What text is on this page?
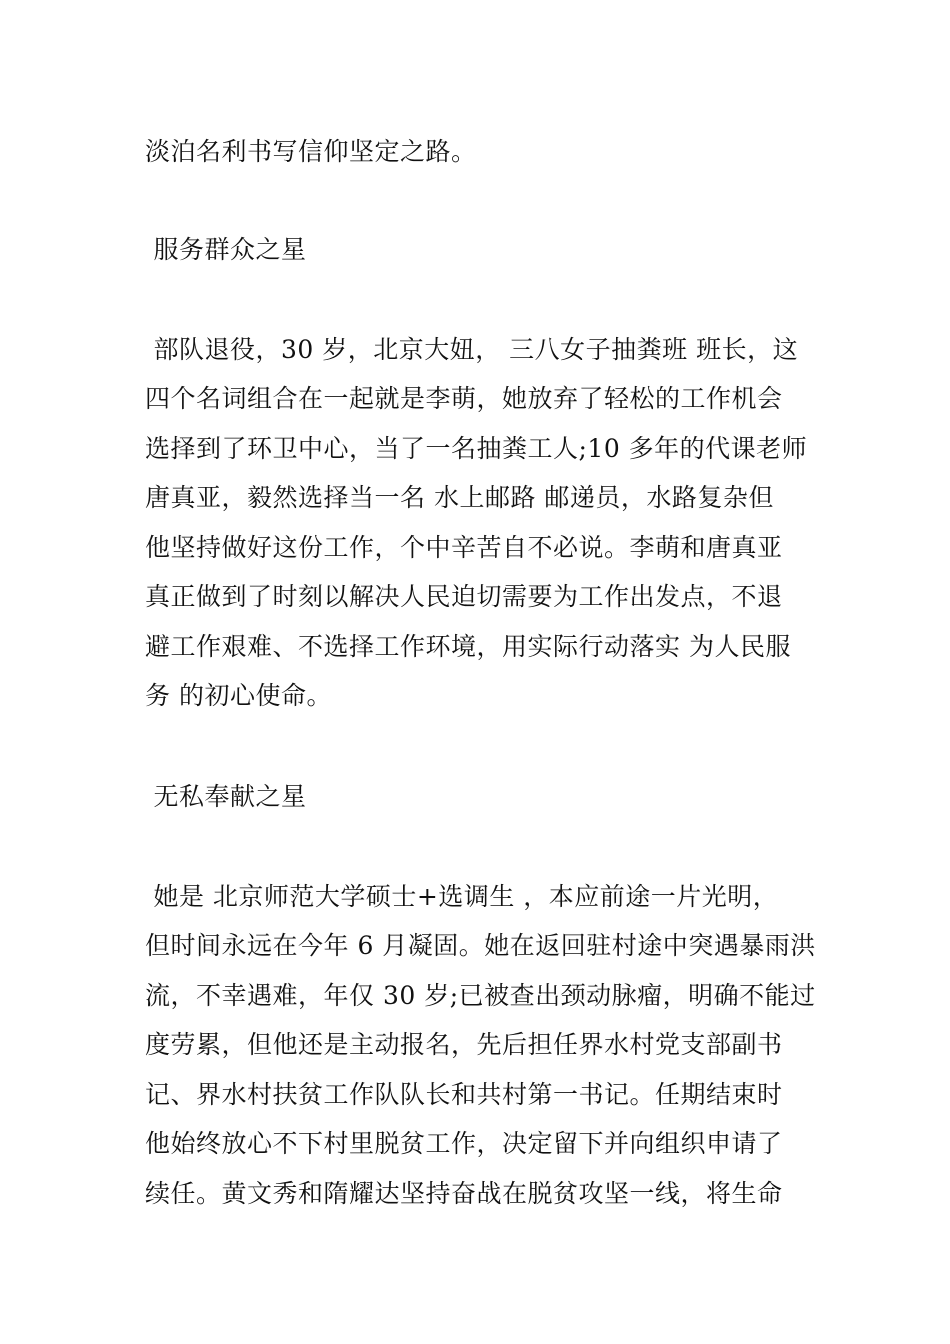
淡泊名利书写信仰坚定之路。
服务群众之星
部队退役，30 岁，北京大妞， 三八女子抽粪班 班长，这
四个名词组合在一起就是李萌，她放弃了轻松的工作机会
选择到了环卫中心，当了一名抽粪工人;10 多年的代课老师
唐真亚，毅然选择当一名 水上邮路 邮递员，水路复杂但
他坚持做好这份工作，个中辛苦自不必说。李萌和唐真亚
真正做到了时刻以解决人民迫切需要为工作出发点，不退
避工作艰难、不选择工作环境，用实际行动落实 为人民服
务 的初心使命。
无私奉献之星
她是 北京师范大学硕士+选调生 ，本应前途一片光明，
但时间永远在今年 6 月凝固。她在返回驻村途中突遇暴雨洪
流，不幸遇难，年仅 30 岁;已被查出颈动脉瘤，明确不能过
度劳累，但他还是主动报名，先后担任界水村党支部副书
记、界水村扶贫工作队队长和共村第一书记。任期结束时
他始终放心不下村里脱贫工作，决定留下并向组织申请了
续任。黄文秀和隋耀达坚持奋战在脱贫攻坚一线，将生命
